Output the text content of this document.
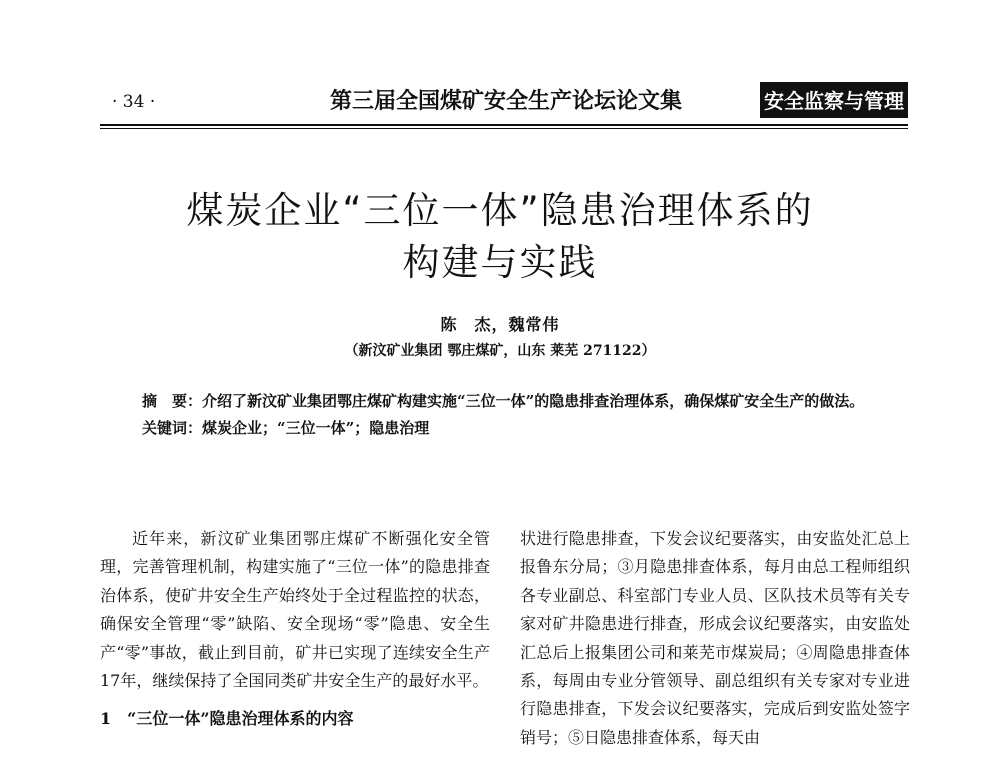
· 34 ·	第三届全国煤矿安全生产论坛论文集	安全监察与管理
煤炭企业“三位一体”隐患治理体系的
构建与实践
陈　杰，魏常伟
（新汶矿业集团 鄂庄煤矿，山东 莱芜 271122）

摘　要：介绍了新汶矿业集团鄂庄煤矿构建实施“三位一体”的隐患排查治理体系，确保煤矿安全生产的做法。

关键词：煤炭企业；“三位一体”；隐患治理

近年来，新汶矿业集团鄂庄煤矿不断强化安全管理，完善管理机制，构建实施了“三位一体”的隐患排查治体系，使矿井安全生产始终处于全过程监控的状态，确保安全管理“零”缺陷、安全现场“零”隐患、安全生产“零”事故，截止到目前，矿井已实现了连续安全生产17年，继续保持了全国同类矿井安全生产的最好水平。

1　“三位一体”隐患治理体系的内容

状进行隐患排查，下发会议纪要落实，由安监处汇总上报鲁东分局；③月隐患排查体系，每月由总工程师组织各专业副总、科室部门专业人员、区队技术员等有关专家对矿井隐患进行排查，形成会议纪要落实，由安监处汇总后上报集团公司和莱芜市煤炭局；④周隐患排查体系，每周由专业分管领导、副总组织有关专家对专业进行隐患排查，下发会议纪要落实，完成后到安监处签字销号；⑤日隐患排查体系，每天由
